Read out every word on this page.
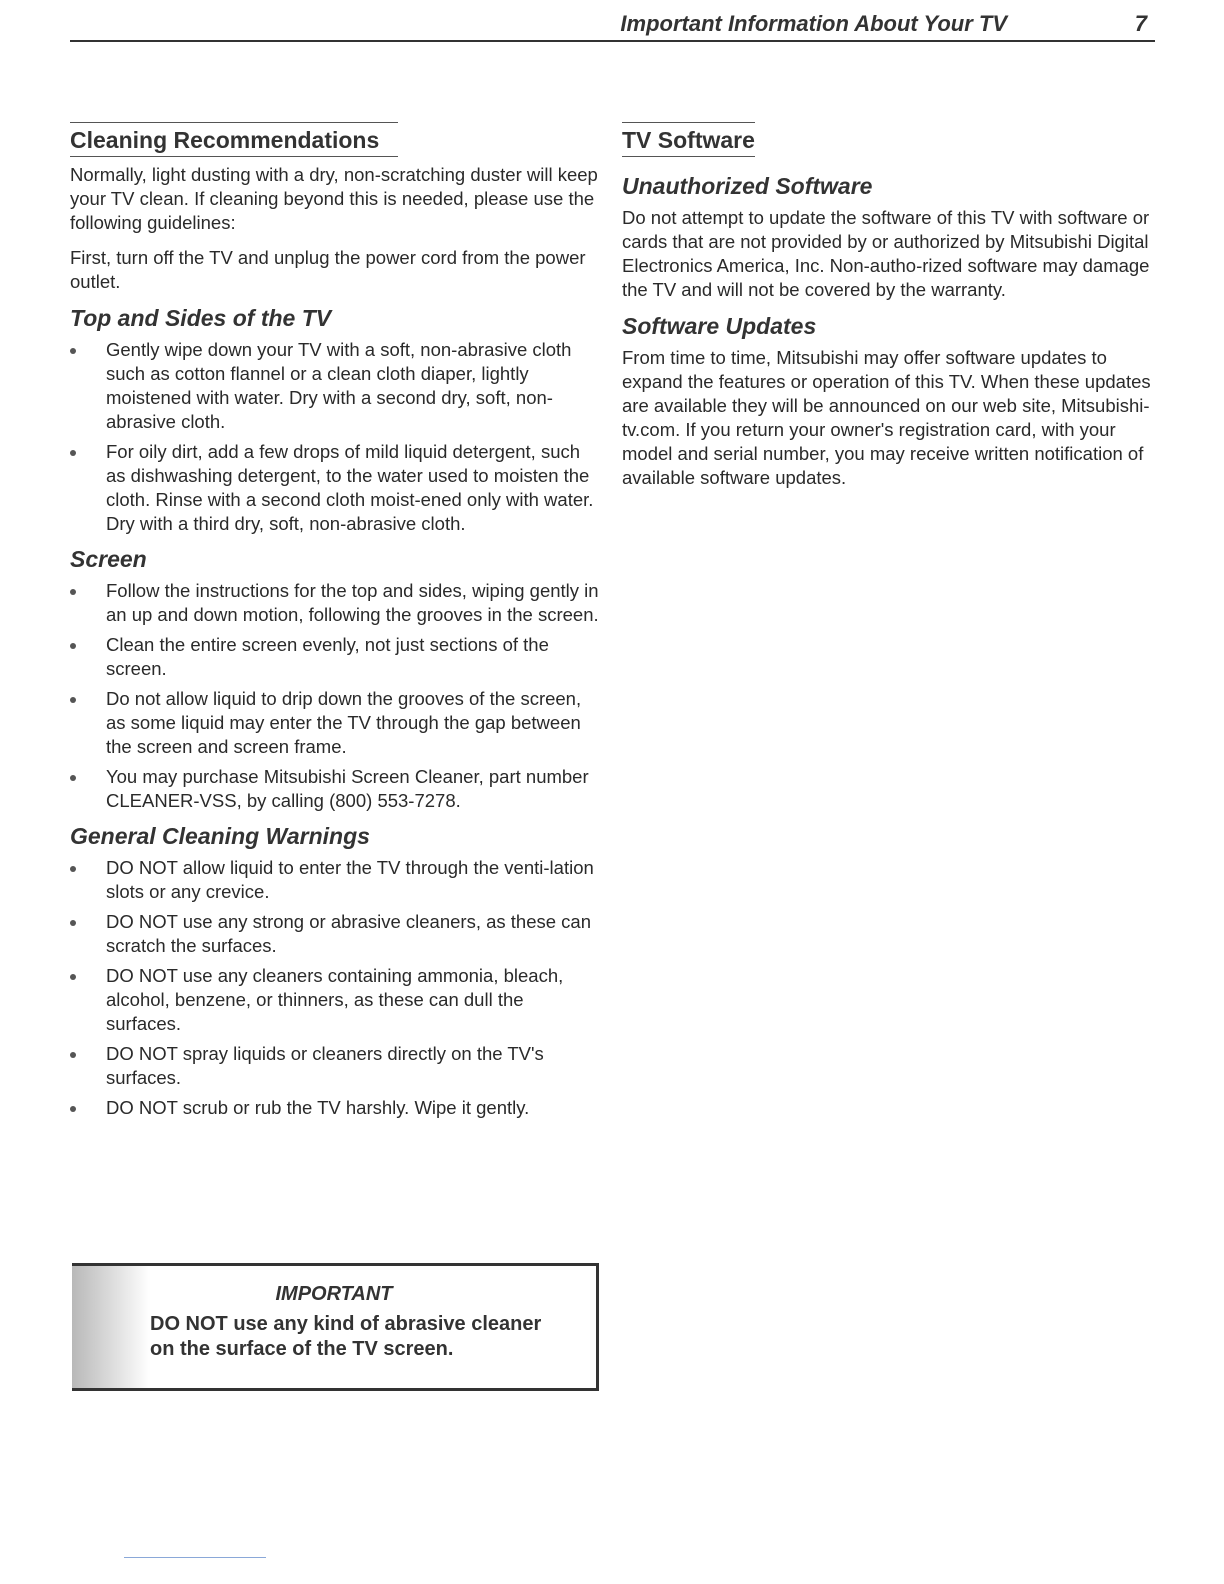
Important Information About Your TV	7
Cleaning Recommendations

Normally, light dusting with a dry, non-scratching duster will keep your TV clean. If cleaning beyond this is needed, please use the following guidelines:

First, turn off the TV and unplug the power cord from the power outlet.

Top and Sides of the TV
Gently wipe down your TV with a soft, non-abrasive cloth such as cotton flannel or a clean cloth diaper, lightly moistened with water. Dry with a second dry, soft, non-abrasive cloth.
For oily dirt, add a few drops of mild liquid detergent, such as dishwashing detergent, to the water used to moisten the cloth. Rinse with a second cloth moist-ened only with water. Dry with a third dry, soft, non-abrasive cloth.
Screen
Follow the instructions for the top and sides, wiping gently in an up and down motion, following the grooves in the screen.
Clean the entire screen evenly, not just sections of the screen.
Do not allow liquid to drip down the grooves of the screen, as some liquid may enter the TV through the gap between the screen and screen frame.
You may purchase Mitsubishi Screen Cleaner, part number CLEANER-VSS, by calling (800) 553-7278.
General Cleaning Warnings
DO NOT allow liquid to enter the TV through the venti-lation slots or any crevice.
DO NOT use any strong or abrasive cleaners, as these can scratch the surfaces.
DO NOT use any cleaners containing ammonia, bleach, alcohol, benzene, or thinners, as these can dull the surfaces.
DO NOT spray liquids or cleaners directly on the TV's surfaces.
DO NOT scrub or rub the TV harshly. Wipe it gently.
IMPORTANT
DO NOT use any kind of abrasive cleaner on the surface of the TV screen.
TV Software
Unauthorized Software

Do not attempt to update the software of this TV with software or cards that are not provided by or authorized by Mitsubishi Digital Electronics America, Inc. Non-autho-rized software may damage the TV and will not be covered by the warranty.

Software Updates

From time to time, Mitsubishi may offer software updates to expand the features or operation of this TV. When these updates are available they will be announced on our web site, Mitsubishi-tv.com. If you return your owner's registration card, with your model and serial number, you may receive written notification of available software updates.
